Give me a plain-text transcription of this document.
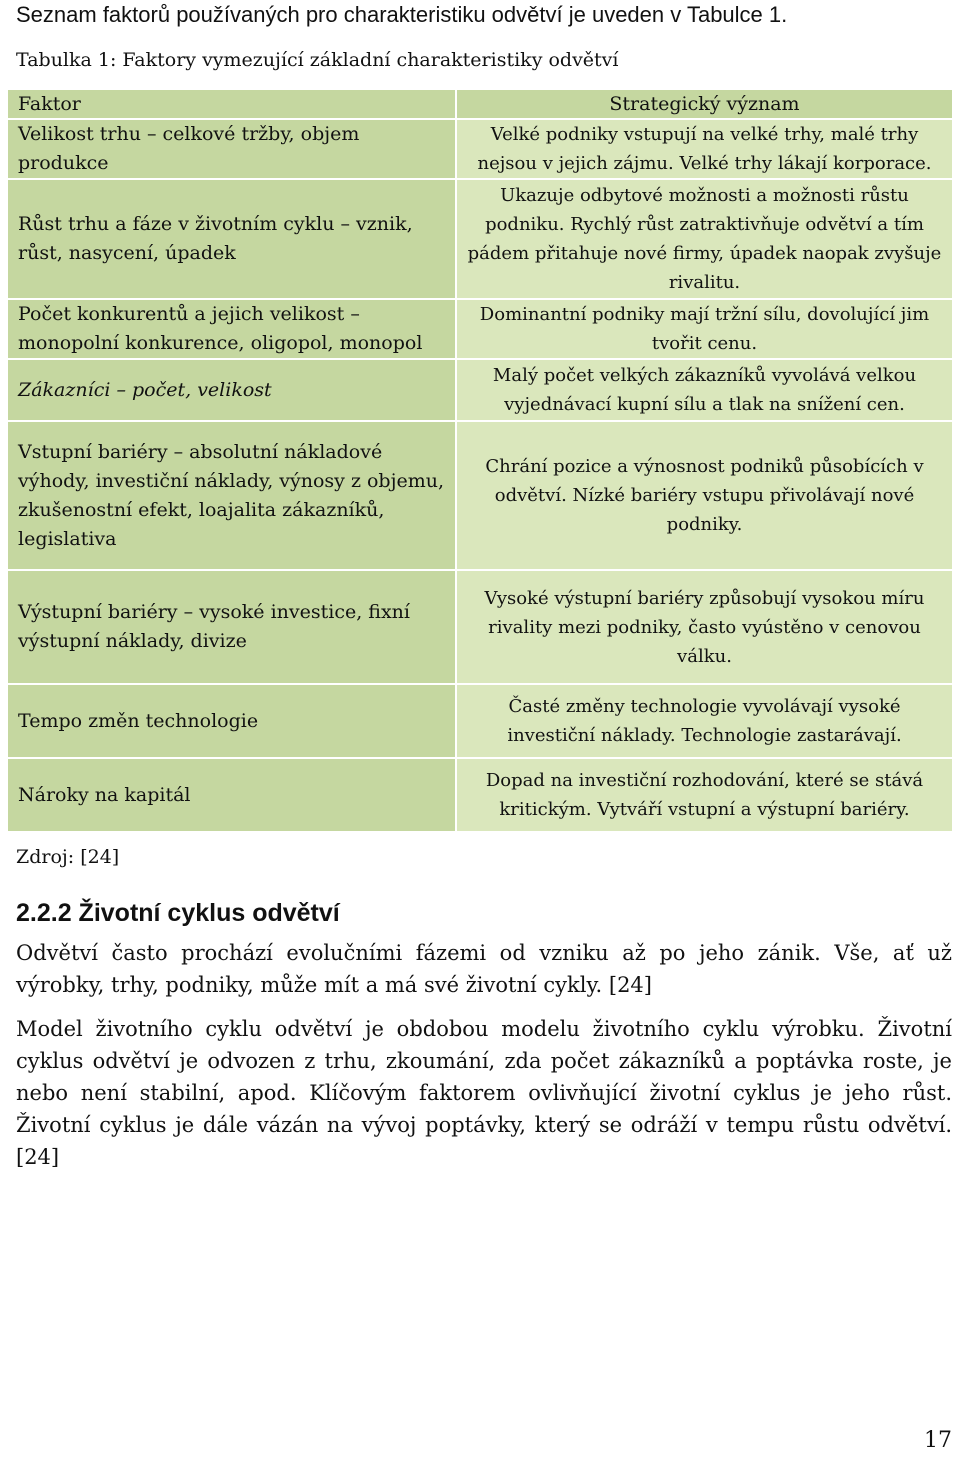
Seznam faktorů používaných pro charakteristiku odvětví je uveden v Tabulce 1.
Tabulka 1: Faktory vymezující základní charakteristiky odvětví
Faktor	Strategický význam
Velikost trhu – celkové tržby, objem produkce	Velké podniky vstupují na velké trhy, malé trhy nejsou v jejich zájmu. Velké trhy lákají korporace.
Růst trhu a fáze v životním cyklu – vznik, růst, nasycení, úpadek	Ukazuje odbytové možnosti a možnosti růstu podniku. Rychlý růst zatraktivňuje odvětví a tím pádem přitahuje nové firmy, úpadek naopak zvyšuje rivalitu.
Počet konkurentů a jejich velikost – monopolní konkurence, oligopol, monopol	Dominantní podniky mají tržní sílu, dovolující jim tvořit cenu.
Zákazníci – počet, velikost	Malý počet velkých zákazníků vyvolává velkou vyjednávací kupní sílu a tlak na snížení cen.
Vstupní bariéry – absolutní nákladové výhody, investiční náklady, výnosy z objemu, zkušenostní efekt, loajalita zákazníků, legislativa	Chrání pozice a výnosnost podniků působících v odvětví. Nízké bariéry vstupu přivolávají nové podniky.
Výstupní bariéry – vysoké investice, fixní výstupní náklady, divize	Vysoké výstupní bariéry způsobují vysokou míru rivality mezi podniky, často vyústěno v cenovou válku.
Tempo změn technologie	Časté změny technologie vyvolávají vysoké investiční náklady. Technologie zastarávají.
Nároky na kapitál	Dopad na investiční rozhodování, které se stává kritickým. Vytváří vstupní a výstupní bariéry.
Zdroj: [24]
2.2.2 Životní cyklus odvětví
Odvětví často prochází evolučními fázemi od vzniku až po jeho zánik. Vše, ať už výrobky, trhy, podniky, může mít a má své životní cykly. [24]
Model životního cyklu odvětví je obdobou modelu životního cyklu výrobku. Životní cyklus odvětví je odvozen z trhu, zkoumání, zda počet zákazníků a poptávka roste, je nebo není stabilní, apod. Klíčovým faktorem ovlivňující životní cyklus je jeho růst. Životní cyklus je dále vázán na vývoj poptávky, který se odráží v tempu růstu odvětví. [24]
17
